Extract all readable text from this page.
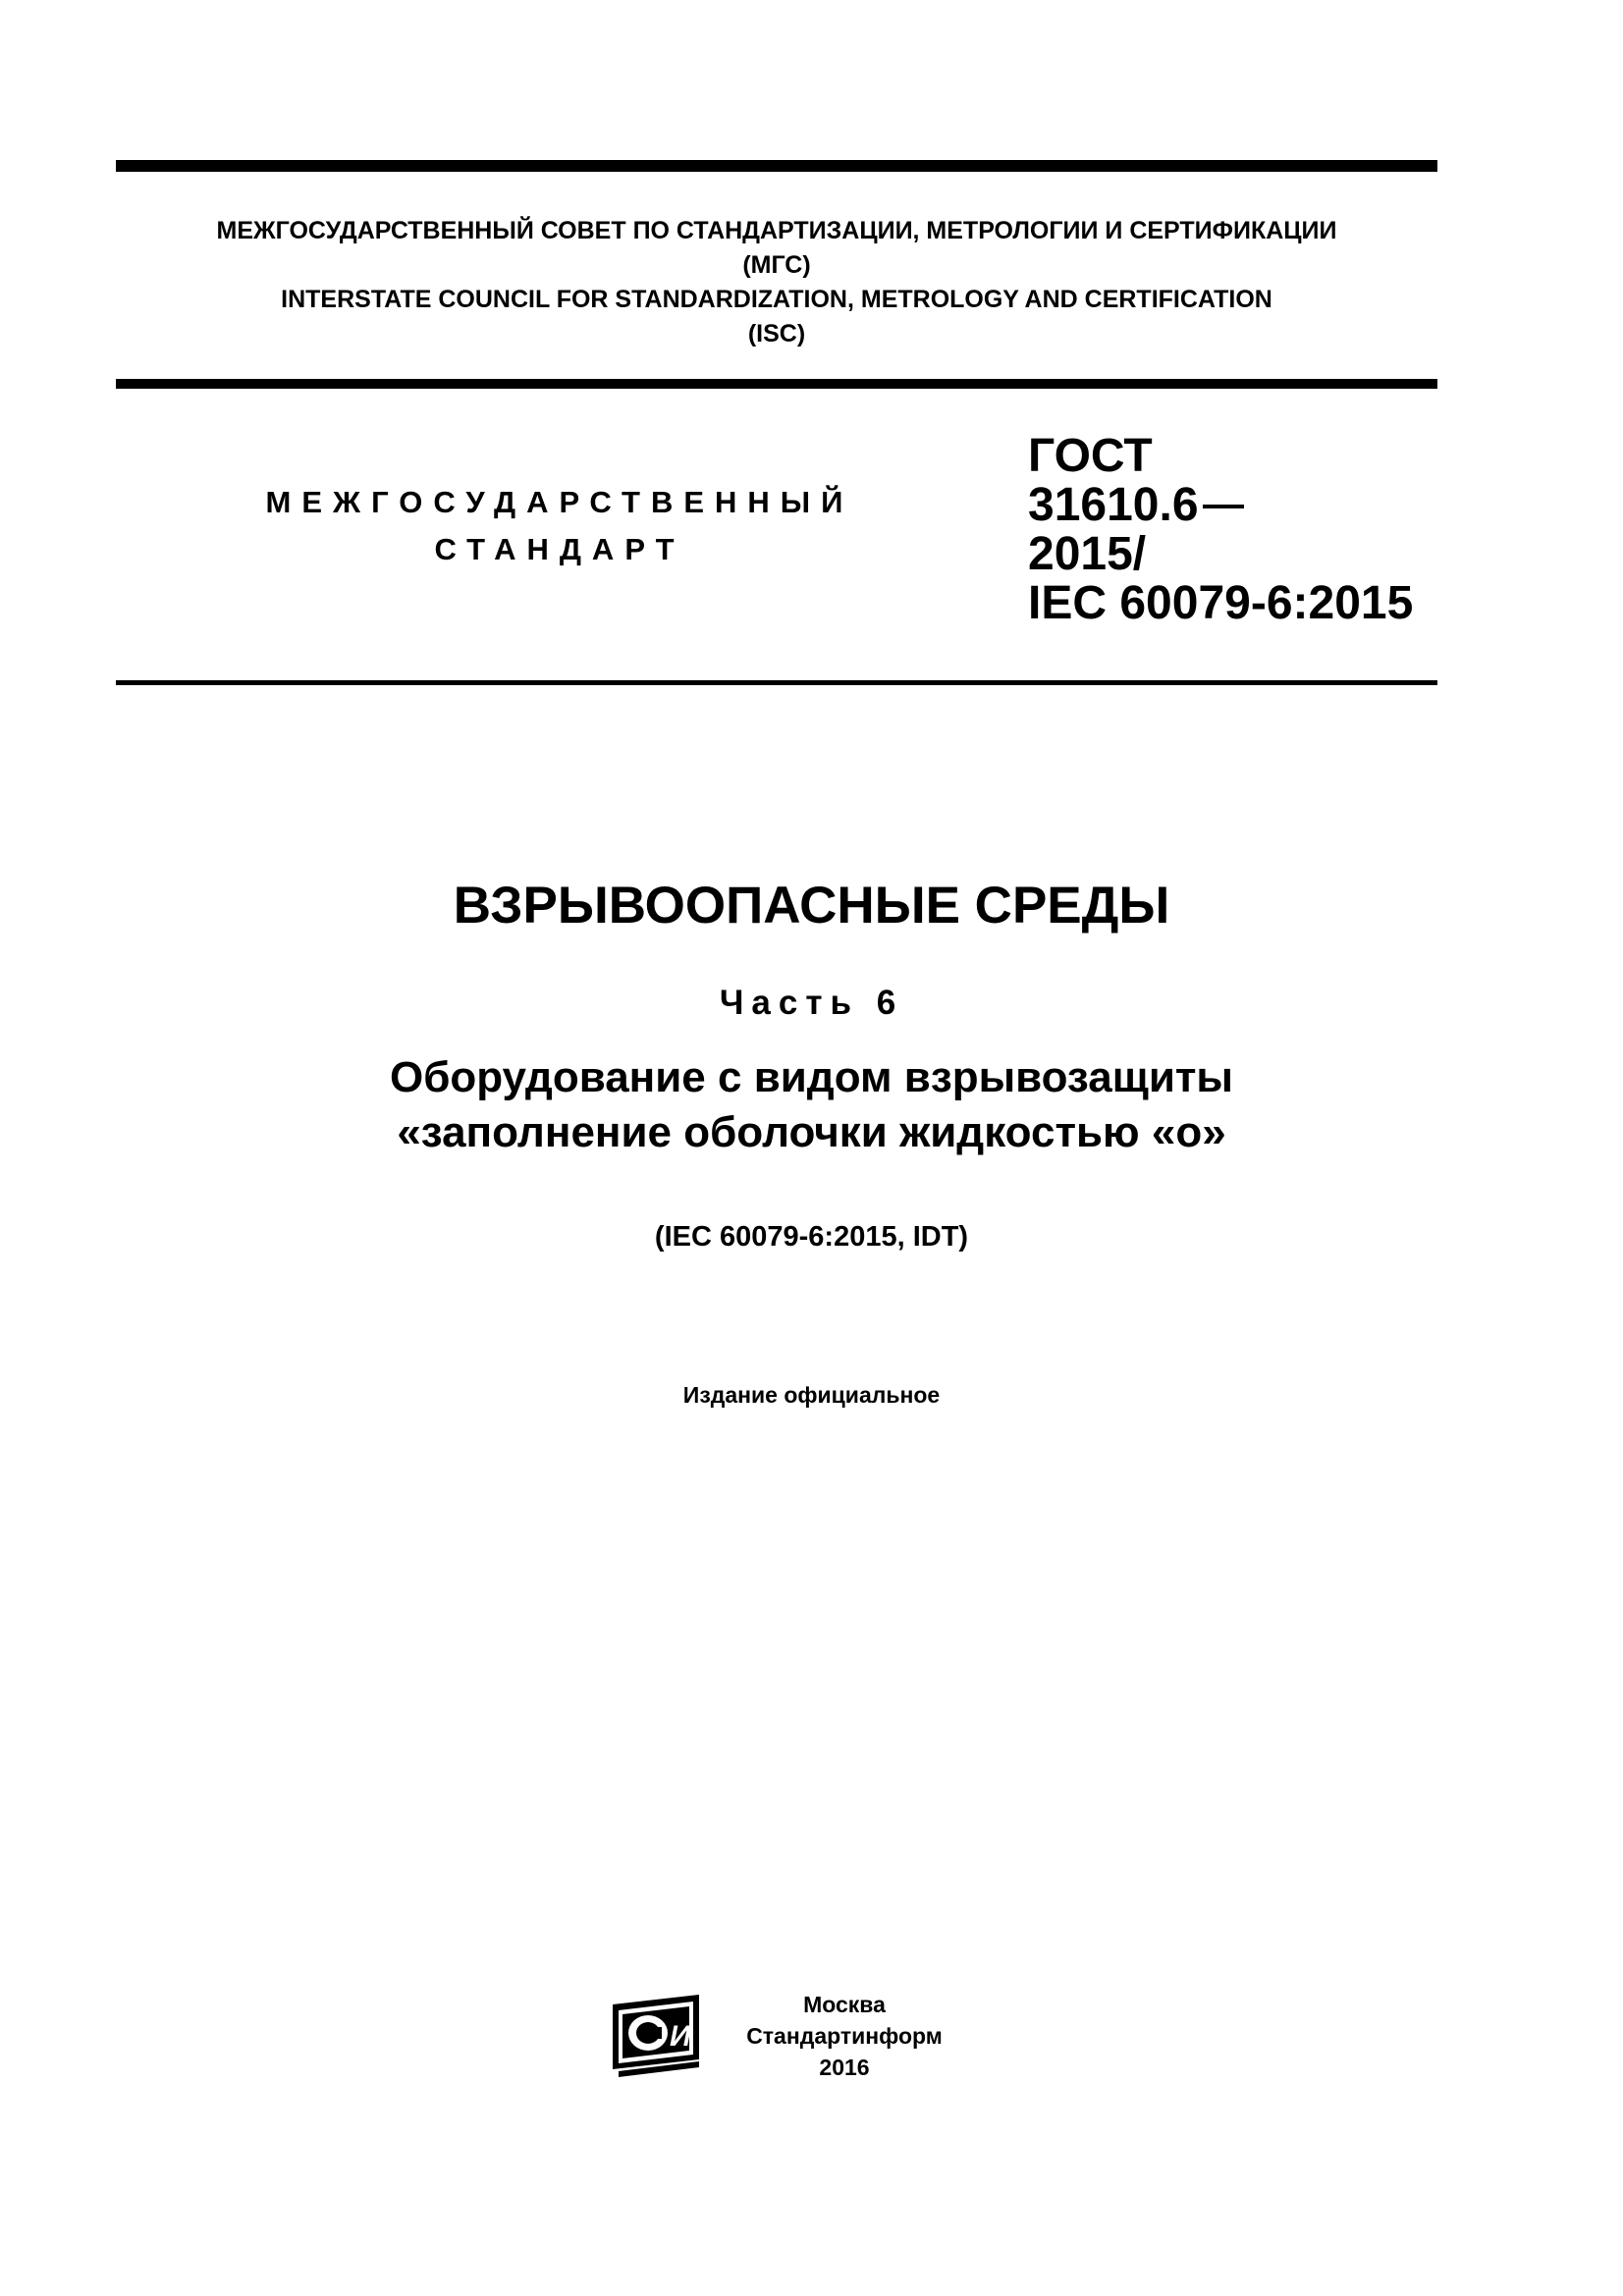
МЕЖГОСУДАРСТВЕННЫЙ СОВЕТ ПО СТАНДАРТИЗАЦИИ, МЕТРОЛОГИИ И СЕРТИФИКАЦИИ
(МГС)
INTERSTATE COUNCIL FOR STANDARDIZATION, METROLOGY AND CERTIFICATION
(ISC)
МЕЖГОСУДАРСТВЕННЫЙ
СТАНДАРТ
ГОСТ
31610.6
2015/
IEC 60079-6:2015
ВЗРЫВООПАСНЫЕ СРЕДЫ
Часть 6
Оборудование с видом взрывозащиты
«заполнение оболочки жидкостью «о»
(IEC 60079-6:2015, IDT)
Издание официальное
И
Москва
Стандартинформ
2016
